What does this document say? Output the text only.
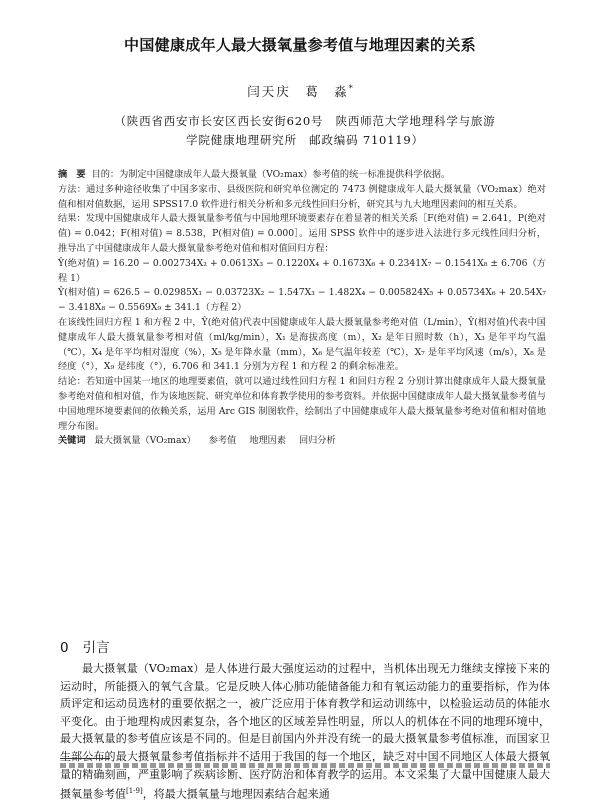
中国健康成年人最大摄氧量参考值与地理因素的关系
闫天庆　葛　淼*
（陕西省西安市长安区西长安街620号　陕西师范大学地理科学与旅游
学院健康地理研究所　邮政编码 710119）

摘　要 目的：为制定中国健康成年人最大摄氧量（VO₂max）参考值的统一标准提供科学依据。

方法：通过多种途径收集了中国多家市、县级医院和研究单位测定的 7473 例健康成年人最大摄氧量（VO₂max）绝对值和相对值数据，运用 SPSS17.0 软件进行相关分析和多元线性回归分析，研究其与九大地理因素间的相互关系。

结果：发现中国健康成年人最大摄氧量参考值与中国地理环境要素存在着显著的相关关系［F(绝对值) = 2.641，P(绝对值) = 0.042；F(相对值) = 8.538，P(相对值) = 0.000］。运用 SPSS 软件中的逐步进入法进行多元线性回归分析，推导出了中国健康成年人最大摄氧量参考绝对值和相对值回归方程：

Ŷ(绝对值) = 16.20 − 0.002734X₂ + 0.0613X₃ − 0.1220X₄ + 0.1673X₆ + 0.2341X₇ − 0.1541X₈ ± 6.706（方程 1）

Ŷ(相对值) = 626.5 − 0.02985X₁ − 0.03723X₂ − 1.547X₃ − 1.482X₄ − 0.005824X₅ + 0.05734X₆ + 20.54X₇ − 3.418X₈ − 0.5569X₉ ± 341.1（方程 2）

在该线性回归方程 1 和方程 2 中，Ŷ(绝对值)代表中国健康成年人最大摄氧量参考绝对值（L/min），Ŷ(相对值)代表中国健康成年人最大摄氧量参考相对值（ml/kg/min），X₁ 是海拔高度（m），X₂ 是年日照时数（h），X₃ 是年平均气温（℃），X₄ 是年平均相对湿度（%），X₅ 是年降水量（mm），X₆ 是气温年较差（℃），X₇ 是年平均风速（m/s），X₈ 是经度（°），X₉ 是纬度（°），6.706 和 341.1 分别为方程 1 和方程 2 的剩余标准差。

结论：若知道中国某一地区的地理要素值，就可以通过线性回归方程 1 和回归方程 2 分别计算出健康成年人最大摄氧量参考绝对值和相对值，作为该地医院、研究单位和体育教学使用的参考资料。并依据中国健康成年人最大摄氧量参考值与中国地理环境要素间的依赖关系，运用 Arc GIS 制图软件，绘制出了中国健康成年人最大摄氧量参考绝对值和相对值地理分布图。

关键词 最大摄氧量（VO₂max） 参考值 地理因素 回归分析

0 引言
最大摄氧量（VO₂max）是人体进行最大强度运动的过程中，当机体出现无力继续支撑接下来的运动时，所能摄入的氧气含量。它是反映人体心肺功能储备能力和有氧运动能力的重要指标，作为体质评定和运动员选材的重要依据之一，被广泛应用于体育教学和运动训练中，以检验运动员的体能水平变化。由于地理构成因素复杂，各个地区的区域差异性明显，所以人的机体在不同的地理环境中，最大摄氧量的参考值应该是不同的。但是目前国内外并没有统一的最大摄氧量参考值标准，而国家卫生部公布的最大摄氧量参考值指标并不适用于我国的每一个地区，缺乏对中国不同地区人体最大摄氧量的精确刻画，严重影响了疾病诊断、医疗防治和体育教学的运用。本文采集了大量中国健康人最大摄氧量参考值[1-9]，将最大摄氧量与地理因素结合起来通
